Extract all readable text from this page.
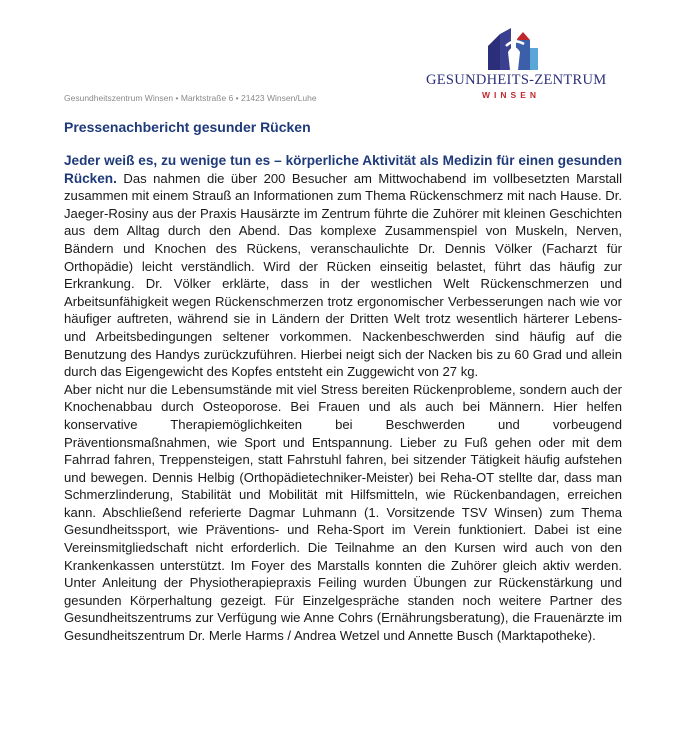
GESUNDHEITS-ZENTRUM
WINSEN
Gesundheitszentrum Winsen • Marktstraße 6 • 21423 Winsen/Luhe
Pressenachbericht gesunder Rücken
Jeder weiß es, zu wenige tun es – körperliche Aktivität als Medizin für einen gesunden Rücken. Das nahmen die über 200 Besucher am Mittwochabend im vollbesetzten Marstall zusammen mit einem Strauß an Informationen zum Thema Rückenschmerz mit nach Hause. Dr. Jaeger-Rosiny aus der Praxis Hausärzte im Zentrum führte die Zuhörer mit kleinen Geschichten aus dem Alltag durch den Abend. Das komplexe Zusammenspiel von Muskeln, Nerven, Bändern und Knochen des Rückens, veranschaulichte Dr. Dennis Völker (Facharzt für Orthopädie) leicht verständlich. Wird der Rücken einseitig belastet, führt das häufig zur Erkrankung. Dr. Völker erklärte, dass in der westlichen Welt Rückenschmerzen und Arbeitsunfähigkeit wegen Rückenschmerzen trotz ergonomischer Verbesserungen nach wie vor häufiger auftreten, während sie in Ländern der Dritten Welt trotz wesentlich härterer Lebens- und Arbeitsbedingungen seltener vorkommen. Nackenbeschwerden sind häufig auf die Benutzung des Handys zurückzuführen. Hierbei neigt sich der Nacken bis zu 60 Grad und allein durch das Eigengewicht des Kopfes entsteht ein Zuggewicht von 27 kg.
Aber nicht nur die Lebensumstände mit viel Stress bereiten Rückenprobleme, sondern auch der Knochenabbau durch Osteoporose. Bei Frauen und als auch bei Männern. Hier helfen konservative Therapiemöglichkeiten bei Beschwerden und vorbeugend Präventionsmaßnahmen, wie Sport und Entspannung. Lieber zu Fuß gehen oder mit dem Fahrrad fahren, Treppensteigen, statt Fahrstuhl fahren, bei sitzender Tätigkeit häufig aufstehen und bewegen. Dennis Helbig (Orthopädietechniker-Meister) bei Reha-OT stellte dar, dass man Schmerzlinderung, Stabilität und Mobilität mit Hilfsmitteln, wie Rückenbandagen, erreichen kann. Abschließend referierte Dagmar Luhmann (1. Vorsitzende TSV Winsen) zum Thema Gesundheitssport, wie Präventions- und Reha-Sport im Verein funktioniert. Dabei ist eine Vereinsmitgliedschaft nicht erforderlich. Die Teilnahme an den Kursen wird auch von den Krankenkassen unterstützt. Im Foyer des Marstalls konnten die Zuhörer gleich aktiv werden. Unter Anleitung der Physiotherapiepraxis Feiling wurden Übungen zur Rückenstärkung und gesunden Körperhaltung gezeigt. Für Einzelgespräche standen noch weitere Partner des Gesundheitszentrums zur Verfügung wie Anne Cohrs (Ernährungsberatung), die Frauenärzte im Gesundheitszentrum Dr. Merle Harms / Andrea Wetzel und Annette Busch (Marktapotheke).
